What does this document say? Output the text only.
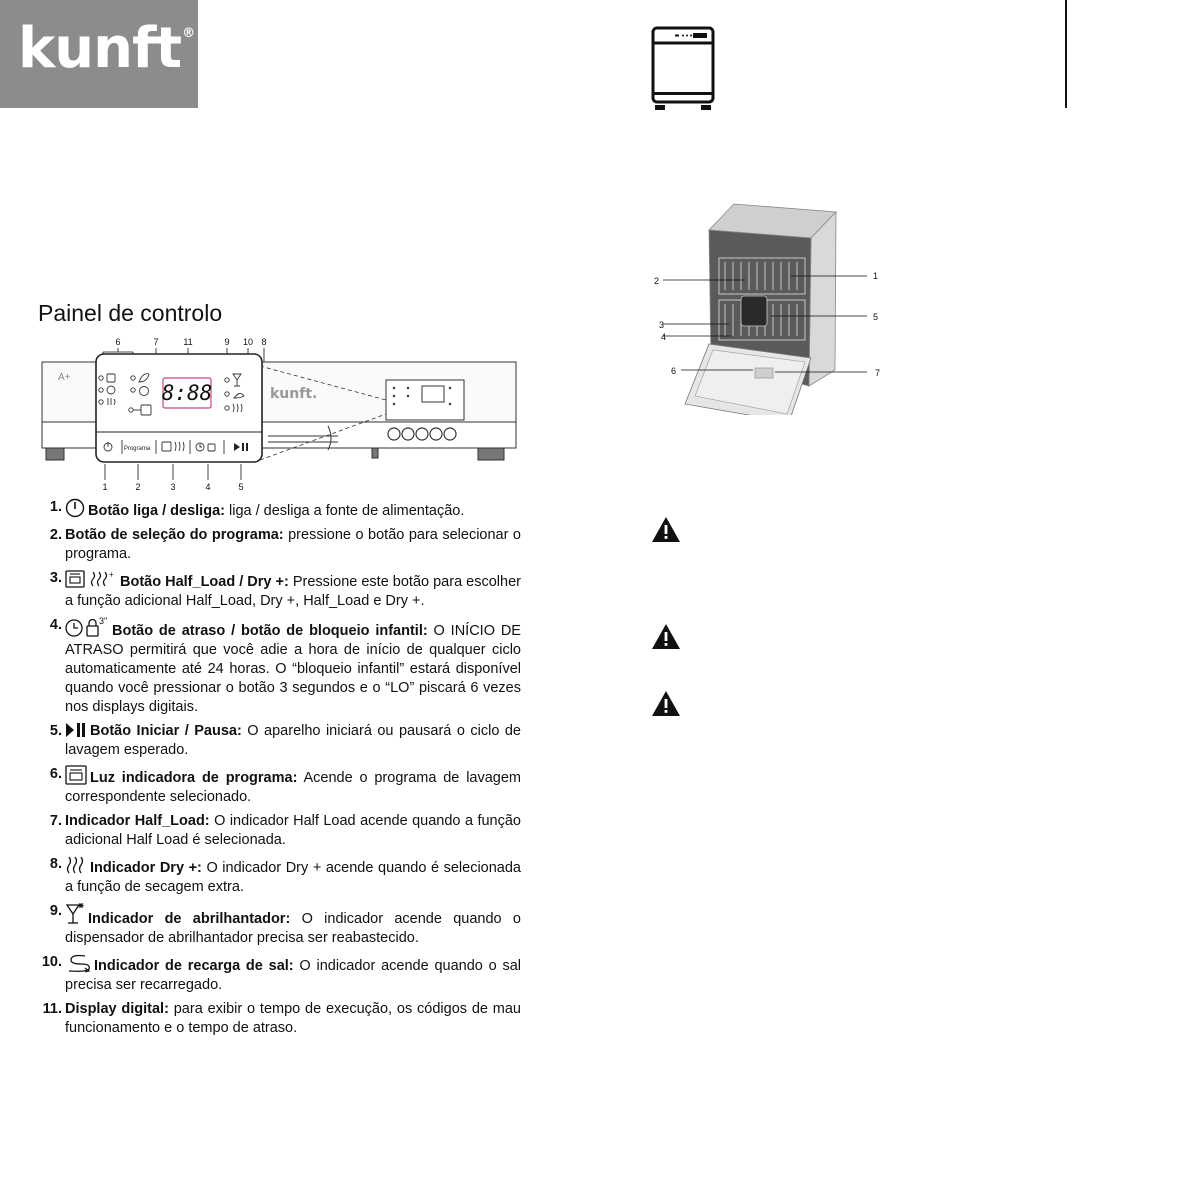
kunft®
Painel de controlo
6	7	11	9 10 8
1	2	3	4	5
A+
kunft.
8:88
Programa
1. Botão liga / desliga: liga / desliga a fonte de alimentação.
2. Botão de seleção do programa: pressione o botão para selecionar o programa.
3.	+ Botão Half_Load / Dry +: Pressione este botão para escolher a função adicional Half_Load, Dry +, Half_Load e Dry +.
4.	3"
Botão de atraso / botão de bloqueio infantil: O INÍCIO DE ATRASO permitirá que você adie a hora de início de qualquer ciclo automaticamente até 24 horas. O “bloqueio infantil” estará disponível quando você pressionar o botão 3 segundos e o “LO” piscará 6 vezes nos displays digitais.
5. Botão Iniciar / Pausa: O aparelho iniciará ou pausará o ciclo de lavagem esperado.
6. Luz indicadora de programa: Acende o programa de lavagem correspondente selecionado.
7. Indicador Half_Load: O indicador Half Load acende quando a função adicional Half Load é selecionada.
8. Indicador Dry +: O indicador Dry + acende quando é selecionada a função de secagem extra.
9. Indicador de abrilhantador: O indicador acende quando o dispensador de abrilhantador precisa ser reabastecido.
10. Indicador de recarga de sal: O indicador acende quando o sal precisa ser recarregado.
11. Display digital: para exibir o tempo de execução, os códigos de mau funcionamento e o tempo de atraso.
1
2
3
4
5
6	7
